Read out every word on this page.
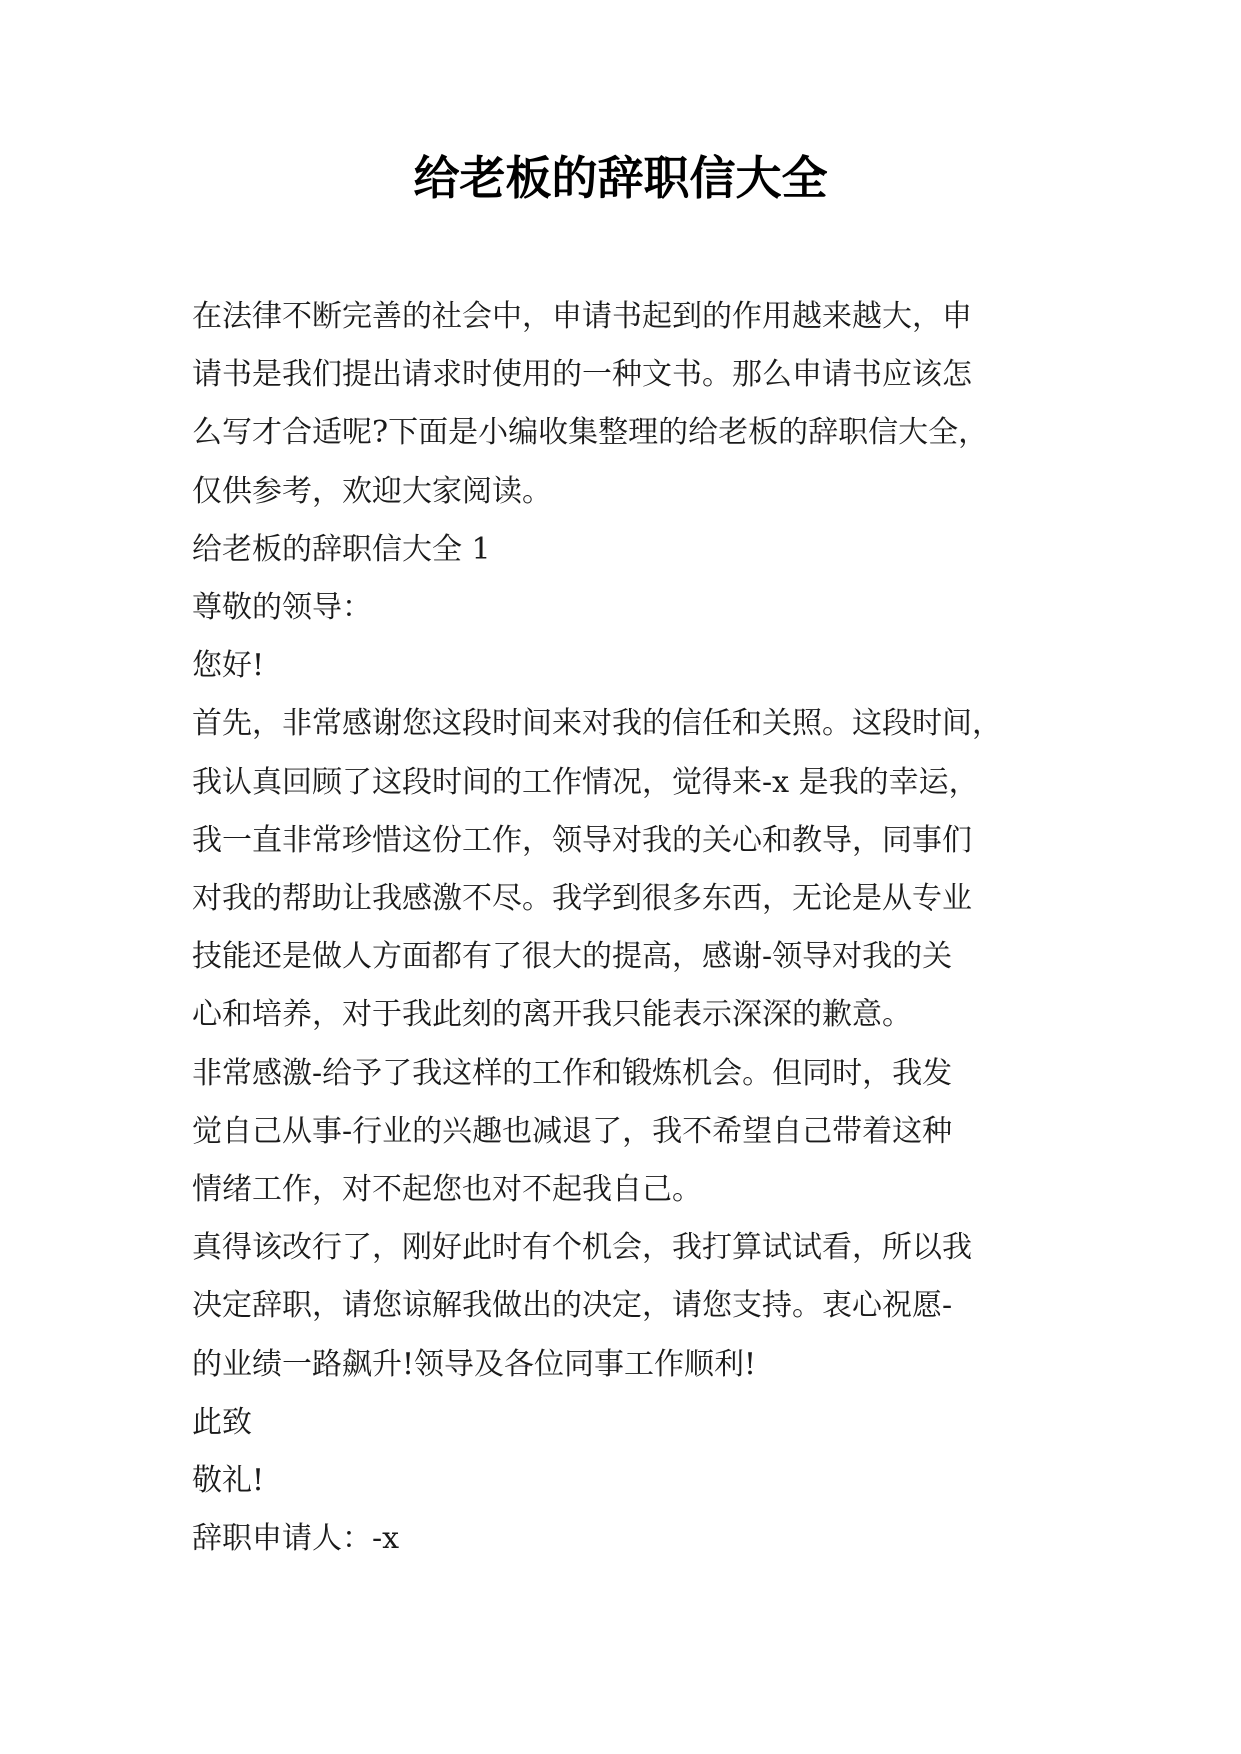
给老板的辞职信大全

在法律不断完善的社会中，申请书起到的作用越来越大，申

请书是我们提出请求时使用的一种文书。那么申请书应该怎

么写才合适呢?下面是小编收集整理的给老板的辞职信大全，

仅供参考，欢迎大家阅读。

给老板的辞职信大全 1

尊敬的领导：

您好!

首先，非常感谢您这段时间来对我的信任和关照。这段时间，

我认真回顾了这段时间的工作情况，觉得来-x 是我的幸运，

我一直非常珍惜这份工作，领导对我的关心和教导，同事们

对我的帮助让我感激不尽。我学到很多东西，无论是从专业

技能还是做人方面都有了很大的提高，感谢-领导对我的关

心和培养，对于我此刻的离开我只能表示深深的歉意。

非常感激-给予了我这样的工作和锻炼机会。但同时，我发

觉自己从事-行业的兴趣也减退了，我不希望自己带着这种

情绪工作，对不起您也对不起我自己。

真得该改行了，刚好此时有个机会，我打算试试看，所以我

决定辞职，请您谅解我做出的决定，请您支持。衷心祝愿-

的业绩一路飙升!领导及各位同事工作顺利!

此致

敬礼!

辞职申请人：-x
